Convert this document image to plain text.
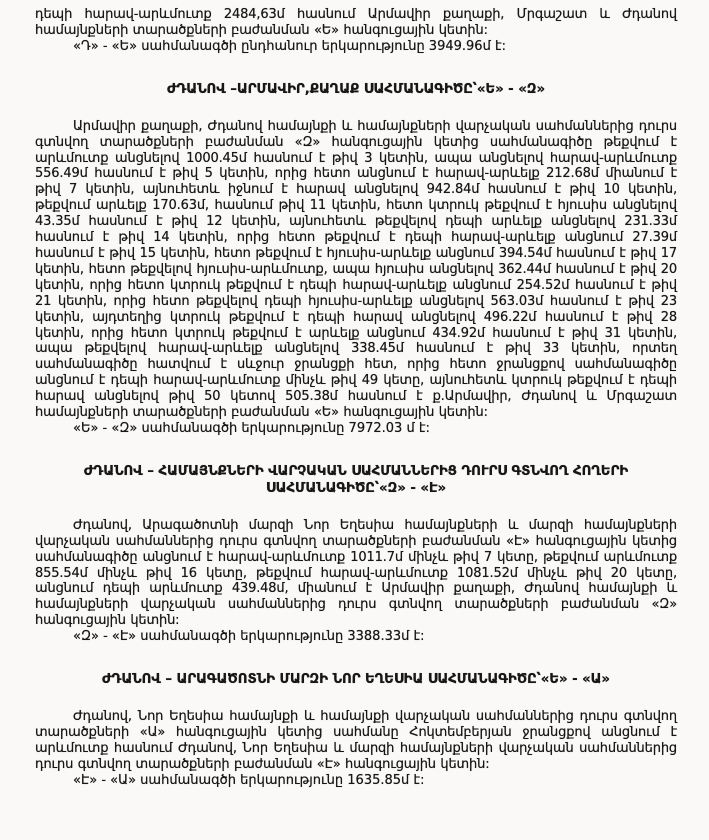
դեպի հարավ-արևմուտք 2484,63մ հասնում Արմավիր քաղաքի, Մրգաշատ և Ժդանով համայնքների տարածքների բաժանման «Ե» հանգուցային կետին:

«Դ» - «Ե» սահմանագծի ընդհանուր երկարությունը 3949.96մ է:

ԺԴԱՆՈՎ –ԱՐՄԱՎԻՐ,ՔԱՂԱՔ ՍԱՀՄԱՆԱԳԻԾԸ՝«Ե» - «Զ»

Արմավիր քաղաքի, Ժդանով համայնքի և համայնքների վարչական սահմաններից դուրս գտնվող տարածքների բաժանման «Զ» հանգուցային կետից սահմանագիծը թեքվում է արևմուտք անցնելով 1000.45մ հասնում է թիվ 3 կետին, ապա անցնելով հարավ-արևմուտք 556.49մ հասնում է թիվ 5 կետին, որից հետո անցնում է հարավ-արևելք 212.68մ միանում է թիվ 7 կետին, այնուհետև իջնում է հարավ անցնելով 942.84մ հասնում է թիվ 10 կետին, թեքվում արևելք 170.63մ, հասնում թիվ 11 կետին, հետո կտրուկ թեքվում է հյուսիս անցնելով 43.35մ հասնում է թիվ 12 կետին, այնուհետև թեքվելով դեպի արևելք անցնելով 231.33մ հասնում է թիվ 14 կետին, որից հետո թեքվում է դեպի հարավ-արևելք անցնում 27.39մ հասնում է թիվ 15 կետին, հետո թեքվում է հյուսիս-արևելք անցնում 394.54մ հասնում է թիվ 17 կետին, հետո թեքվելով հյուսիս-արևմուտք, ապա հյուսիս անցնելով 362.44մ հասնում է թիվ 20 կետին, որից հետո կտրուկ թեքվում է դեպի հարավ-արևելք անցնում 254.52մ հասնում է թիվ 21 կետին, որից հետո թեքվելով դեպի հյուսիս-արևելք անցնելով 563.03մ հասնում է թիվ 23 կետին, այդտեղից կտրուկ թեքվում է դեպի հարավ անցնելով 496.22մ հասնում է թիվ 28 կետին, որից հետո կտրուկ թեքվում է արևելք անցնում 434.92մ հասնում է թիվ 31 կետին, ապա թեքվելով հարավ-արևելք անցնելով 338.45մ հասնում է թիվ 33 կետին, որտեղ սահմանագիծը հատվում է սևջուր ջրանցքի հետ, որից հետո ջրանցքով սահմանագիծը անցնում է դեպի հարավ-արևմուտք մինչև թիվ 49 կետը, այնուհետև կտրուկ թեքվում է դեպի հարավ անցնելով թիվ 50 կետով 505.38մ հասնում է ք.Արմավիր, Ժդանով և Մրգաշատ համայնքների տարածքների բաժանման «Ե» հանգուցային կետին:

«Ե» - «Զ» սահմանագծի երկարությունը 7972.03 մ է:

ԺԴԱՆՈՎ – ՀԱՄԱՅՆՔՆԵՐԻ ՎԱՐՉԱԿԱՆ ՍԱՀՄԱՆՆԵՐԻՑ ԴՈՒՐՍ ԳՏՆՎՈՂ ՀՈՂԵՐԻ ՍԱՀՄԱՆԱԳԻԾԸ՝«Զ» - «Է»

Ժդանով, Արագածոտնի մարզի Նոր Եղեսիա համայնքների և մարզի համայնքների վարչական սահմաններից դուրս գտնվող տարածքների բաժանման «Է» հանգուցային կետից սահմանագիծը անցնում է հարավ-արևմուտք 1011.7մ մինչև թիվ 7 կետը, թեքվում արևմուտք 855.54մ մինչև թիվ 16 կետը, թեքվում հարավ-արևմուտք 1081.52մ մինչև թիվ 20 կետը, անցնում դեպի արևմուտք 439.48մ, միանում է Արմավիր քաղաքի, Ժդանով համայնքի և համայնքների վարչական սահմաններից դուրս գտնվող տարածքների բաժանման «Զ» հանգուցային կետին:

«Զ» - «Է» սահմանագծի երկարությունը 3388.33մ է:

ԺԴԱՆՈՎ – ԱՐԱԳԱԾՈՏՆԻ ՄԱՐԶԻ ՆՈՐ ԵՂԵՍԻԱ ՍԱՀՄԱՆԱԳԻԾԸ՝«Ե» - «Ա»

Ժդանով, Նոր Եղեսիա համայնքի և համայնքի վարչական սահմաններից դուրս գտնվող տարածքների «Ա» հանգուցային կետից սահմանը Հոկտեմբերյան ջրանցքով անցնում է արևմուտք հասնում Ժդանով, Նոր Եղեսիա և մարզի համայնքների վարչական սահմաններից դուրս գտնվող տարածքների բաժանման «Է» հանգուցային կետին:

«Է» - «Ա» սահմանագծի երկարությունը 1635.85մ է:
